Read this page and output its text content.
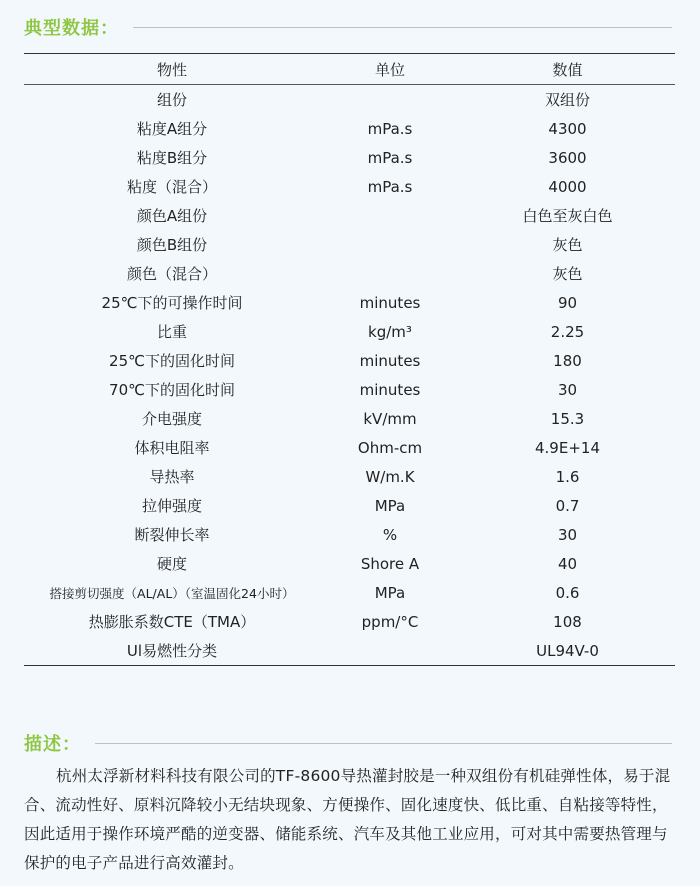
典型数据：
物性	单位	数值
组份		双组份
粘度A组分	mPa.s	4300
粘度B组分	mPa.s	3600
粘度（混合）	mPa.s	4000
颜色A组份		白色至灰白色
颜色B组份		灰色
颜色（混合）		灰色
25℃下的可操作时间	minutes	90
比重	kg/m³	2.25
25℃下的固化时间	minutes	180
70℃下的固化时间	minutes	30
介电强度	kV/mm	15.3
体积电阻率	Ohm-cm	4.9E+14
导热率	W/m.K	1.6
拉伸强度	MPa	0.7
断裂伸长率	%	30
硬度	Shore A	40
搭接剪切强度（AL/AL）（室温固化24小时）	MPa	0.6
热膨胀系数CTE（TMA）	ppm/°C	108
Ul易燃性分类		UL94V-0
描述：

杭州太浮新材料科技有限公司的TF-8600导热灌封胶是一种双组份有机硅弹性体，易于混合、流动性好、原料沉降较小无结块现象、方便操作、固化速度快、低比重、自粘接等特性，因此适用于操作环境严酷的逆变器、储能系统、汽车及其他工业应用，可对其中需要热管理与保护的电子产品进行高效灌封。
